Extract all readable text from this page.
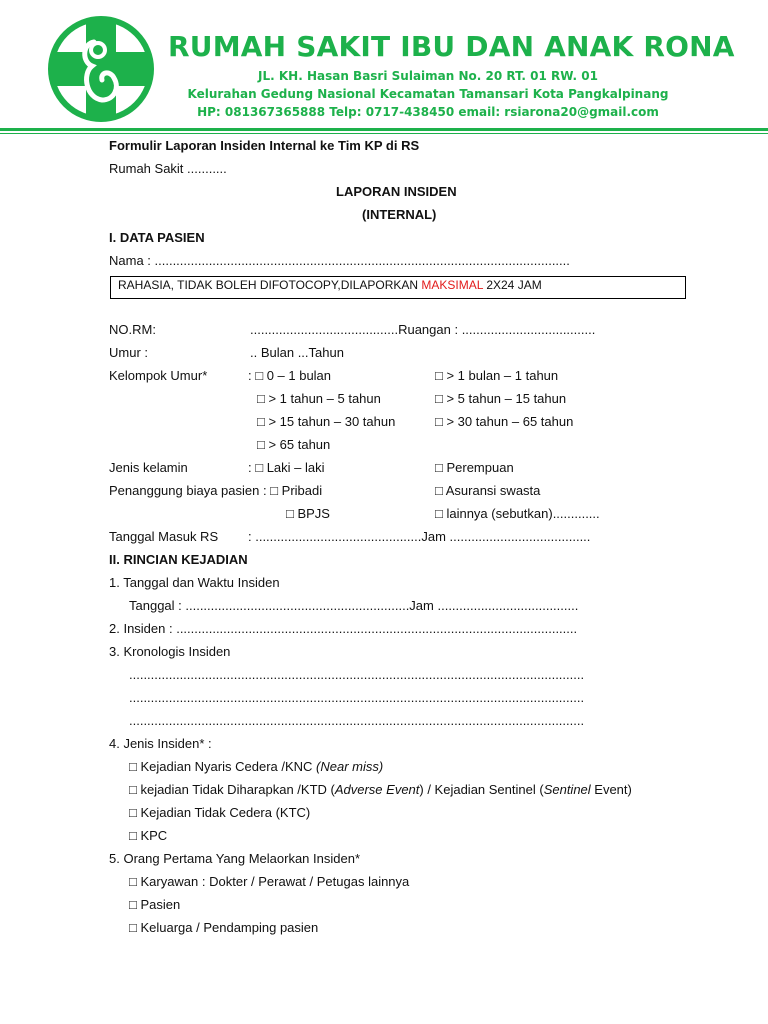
RUMAH SAKIT IBU DAN ANAK RONA
JL. KH. Hasan Basri Sulaiman No. 20 RT. 01 RW. 01
Kelurahan Gedung Nasional Kecamatan Tamansari Kota Pangkalpinang
HP: 081367365888 Telp: 0717-438450 email: rsiarona20@gmail.com
Formulir Laporan Insiden Internal ke Tim KP di RS
Rumah Sakit ...........
LAPORAN INSIDEN
(INTERNAL)
I. DATA PASIEN
Nama : ...................................................................................................................
RAHASIA, TIDAK BOLEH DIFOTOCOPY,DILAPORKAN MAKSIMAL 2X24 JAM
NO.RM:	.........................................Ruangan : .....................................
Umur :	.. Bulan ...Tahun
Kelompok Umur*	: □ 0 – 1 bulan	□ > 1 bulan – 1 tahun
□ > 1 tahun – 5 tahun	□ > 5 tahun – 15 tahun
□ > 15 tahun – 30 tahun	□ > 30 tahun – 65 tahun
□ > 65 tahun
Jenis kelamin	: □ Laki – laki	□ Perempuan
Penanggung biaya pasien : □ Pribadi	□ Asuransi swasta
□ BPJS	□ lainnya (sebutkan).............
Tanggal Masuk RS : ..............................................Jam .......................................
II. RINCIAN KEJADIAN
1. Tanggal dan Waktu Insiden
Tanggal : ..............................................................Jam .......................................
2. Insiden : ...............................................................................................................
3. Kronologis Insiden
..............................................................................................................................
..............................................................................................................................
..............................................................................................................................
4. Jenis Insiden* :
□ Kejadian Nyaris Cedera /KNC (Near miss)
□ kejadian Tidak Diharapkan /KTD (Adverse Event) / Kejadian Sentinel (Sentinel Event)
□ Kejadian Tidak Cedera (KTC)
□ KPC
5. Orang Pertama Yang Melaorkan Insiden*
□ Karyawan : Dokter / Perawat / Petugas lainnya
□ Pasien
□ Keluarga / Pendamping pasien
